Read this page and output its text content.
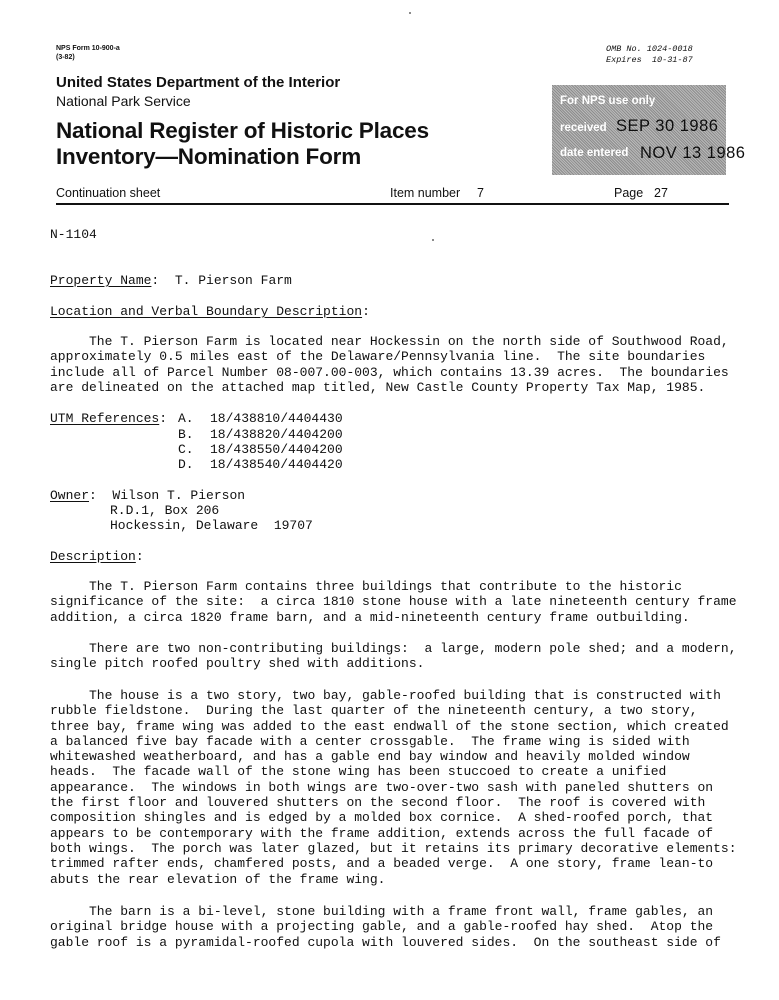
NPS Form 10-900-a
(3-82)
OMB No. 1024-0018
Expires  10-31-87
United States Department of the Interior
National Park Service
National Register of Historic Places
Inventory—Nomination Form
For NPS use only
received SEP 30 1986
date entered NOV 13 1986
Continuation sheet	Item number 7	Page 27
N-1104
Property Name:  T. Pierson Farm
Location and Verbal Boundary Description:

The T. Pierson Farm is located near Hockessin on the north side of Southwood Road,
approximately 0.5 miles east of the Delaware/Pennsylvania line.  The site boundaries
include all of Parcel Number 08-007.00-003, which contains 13.39 acres.  The boundaries
are delineated on the attached map titled, New Castle County Property Tax Map, 1985.

UTM References: A. 18/438810/4404430
B. 18/438820/4404200
C. 18/438550/4404200
D. 18/438540/4404420
Owner:  Wilson T. Pierson
R.D.1, Box 206
Hockessin, Delaware  19707
Description:

The T. Pierson Farm contains three buildings that contribute to the historic
significance of the site:  a circa 1810 stone house with a late nineteenth century frame
addition, a circa 1820 frame barn, and a mid-nineteenth century frame outbuilding.

There are two non-contributing buildings:  a large, modern pole shed; and a modern,
single pitch roofed poultry shed with additions.

The house is a two story, two bay, gable-roofed building that is constructed with
rubble fieldstone.  During the last quarter of the nineteenth century, a two story,
three bay, frame wing was added to the east endwall of the stone section, which created
a balanced five bay facade with a center crossgable.  The frame wing is sided with
whitewashed weatherboard, and has a gable end bay window and heavily molded window
heads.  The facade wall of the stone wing has been stuccoed to create a unified
appearance.  The windows in both wings are two-over-two sash with paneled shutters on
the first floor and louvered shutters on the second floor.  The roof is covered with
composition shingles and is edged by a molded box cornice.  A shed-roofed porch, that
appears to be contemporary with the frame addition, extends across the full facade of
both wings.  The porch was later glazed, but it retains its primary decorative elements:
trimmed rafter ends, chamfered posts, and a beaded verge.  A one story, frame lean-to
abuts the rear elevation of the frame wing.

The barn is a bi-level, stone building with a frame front wall, frame gables, an
original bridge house with a projecting gable, and a gable-roofed hay shed.  Atop the
gable roof is a pyramidal-roofed cupola with louvered sides.  On the southeast side of
